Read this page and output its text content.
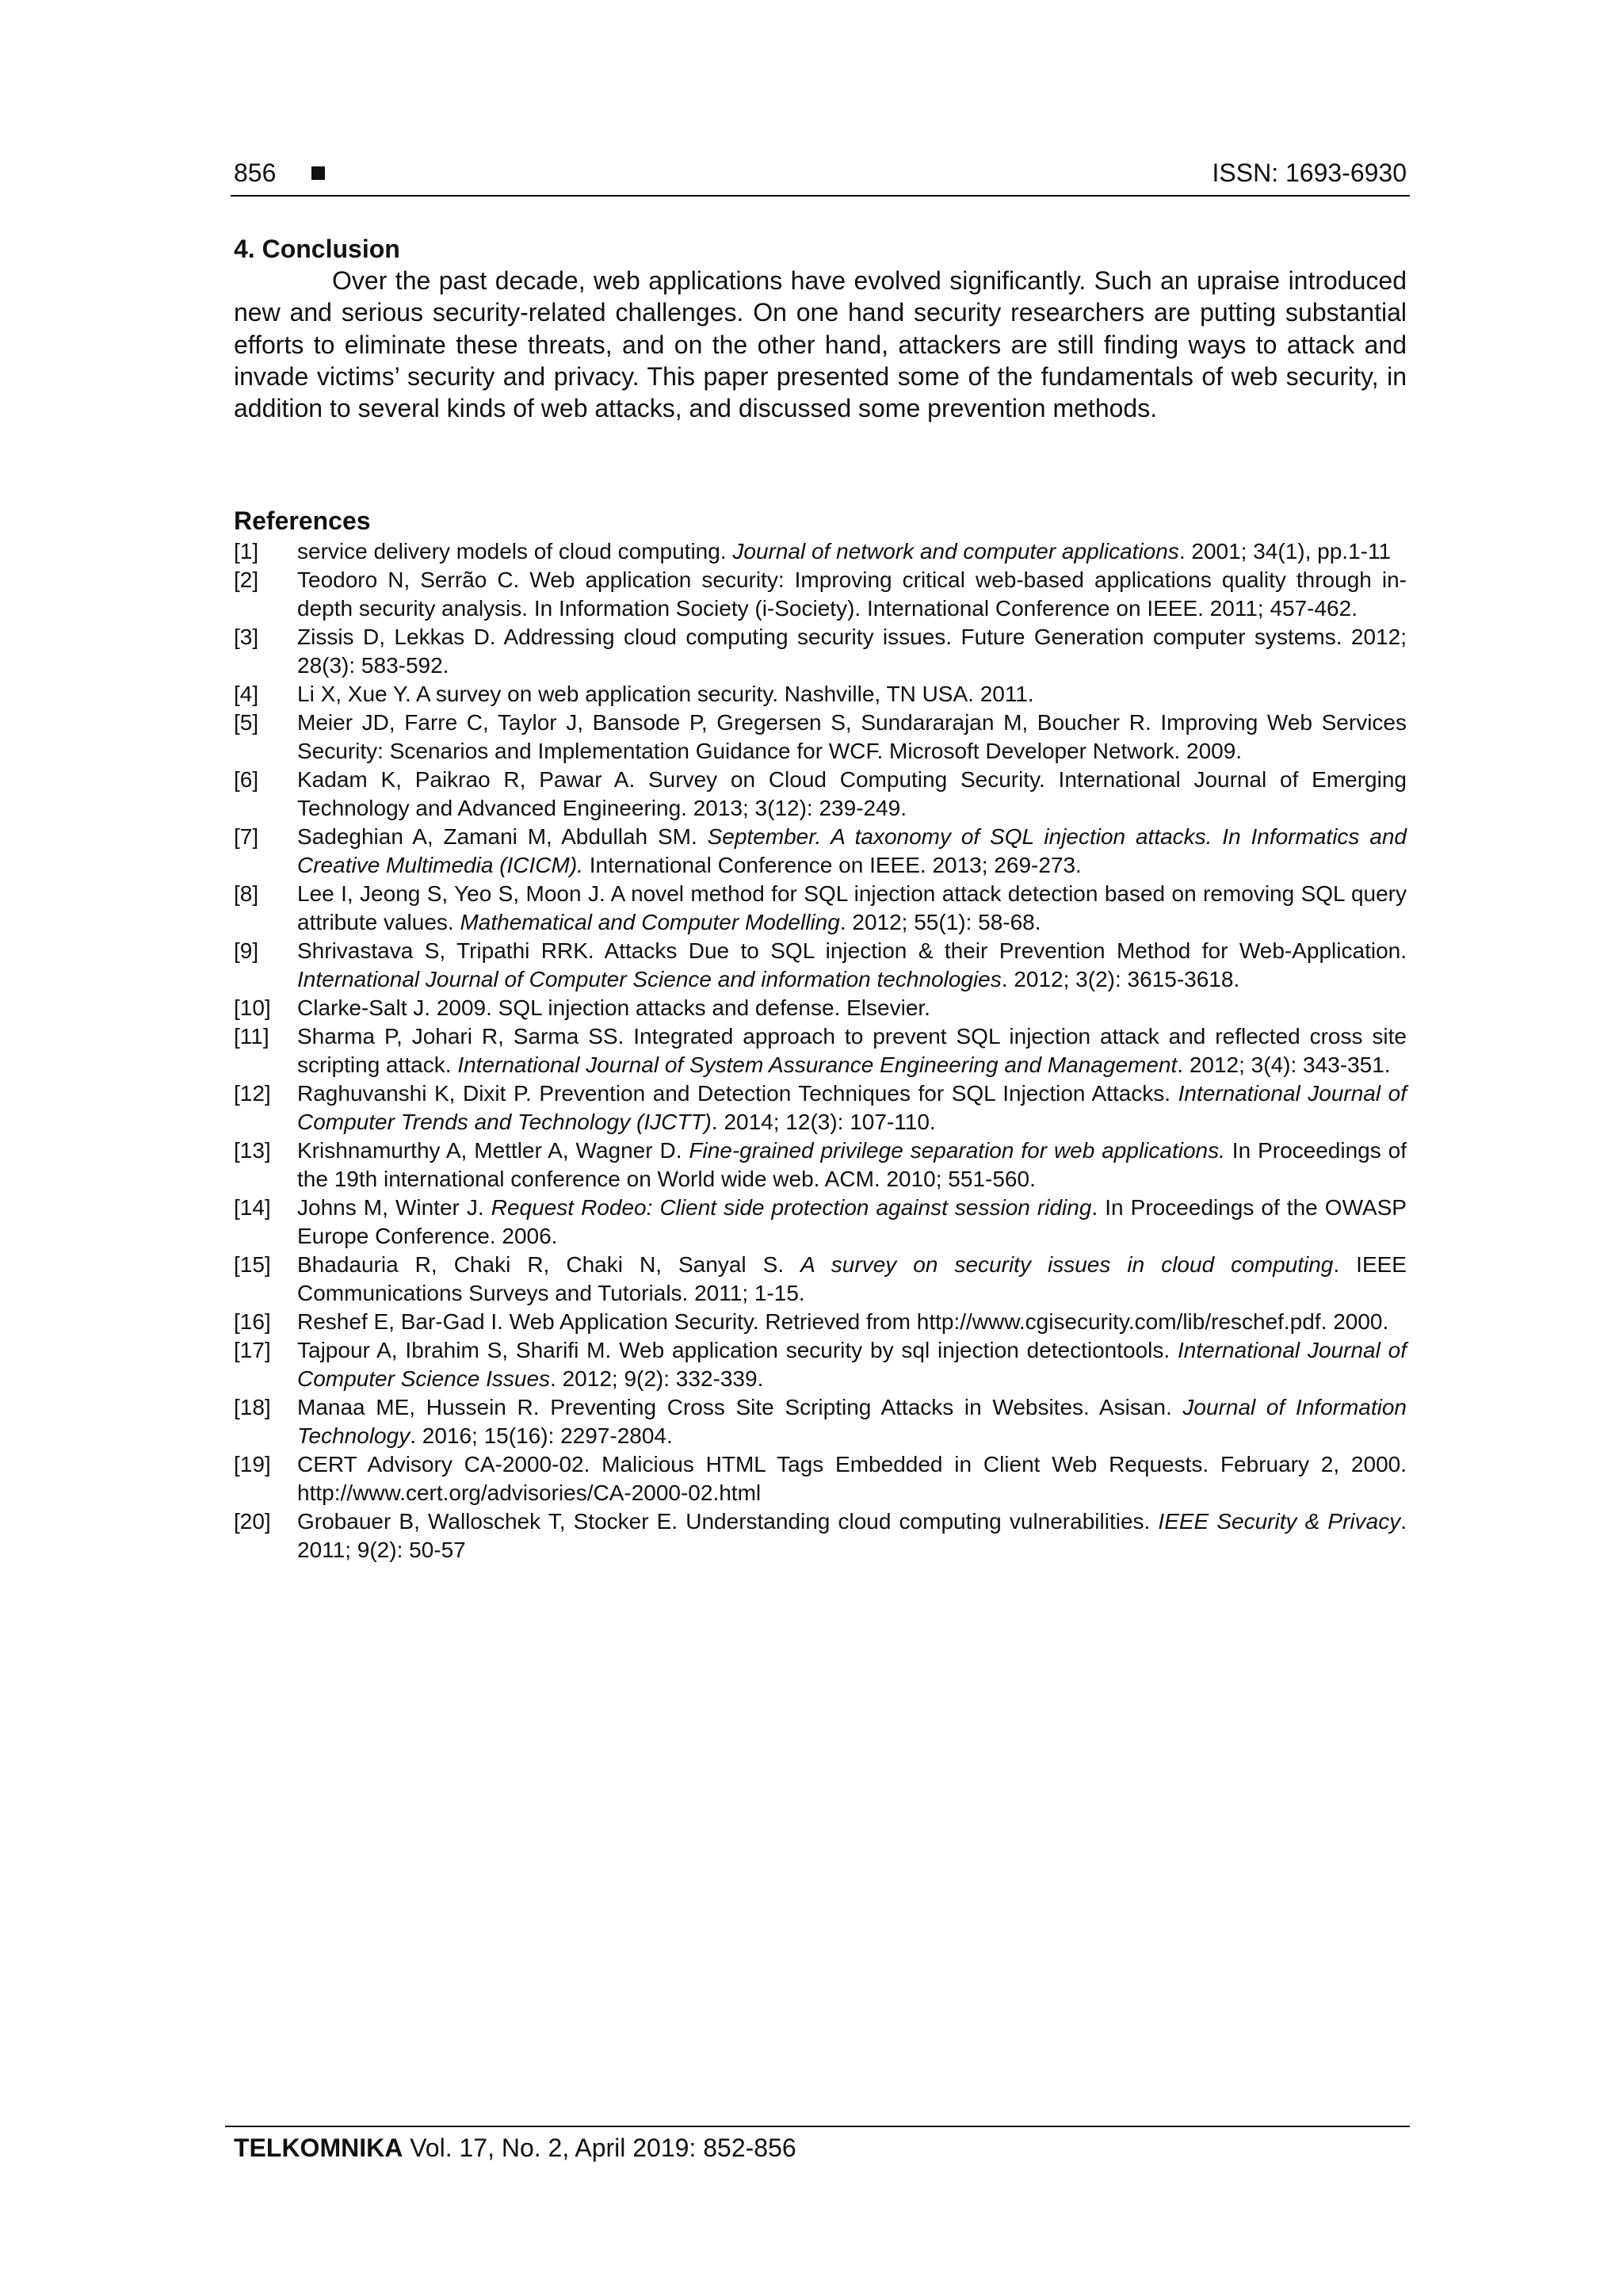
856	ISSN: 1693-6930
4. Conclusion

Over the past decade, web applications have evolved significantly. Such an upraise introduced new and serious security-related challenges. On one hand security researchers are putting substantial efforts to eliminate these threats, and on the other hand, attackers are still finding ways to attack and invade victims’ security and privacy. This paper presented some of the fundamentals of web security, in addition to several kinds of web attacks, and discussed some prevention methods.

References
[1] service delivery models of cloud computing. Journal of network and computer applications. 2001; 34(1), pp.1-11
[2] Teodoro N, Serrão C. Web application security: Improving critical web-based applications quality through in-depth security analysis. In Information Society (i-Society). International Conference on IEEE. 2011; 457-462.
[3] Zissis D, Lekkas D. Addressing cloud computing security issues. Future Generation computer systems. 2012; 28(3): 583-592.
[4] Li X, Xue Y. A survey on web application security. Nashville, TN USA. 2011.
[5] Meier JD, Farre C, Taylor J, Bansode P, Gregersen S, Sundararajan M, Boucher R. Improving Web Services Security: Scenarios and Implementation Guidance for WCF. Microsoft Developer Network. 2009.
[6] Kadam K, Paikrao R, Pawar A. Survey on Cloud Computing Security. International Journal of Emerging Technology and Advanced Engineering. 2013; 3(12): 239-249.
[7] Sadeghian A, Zamani M, Abdullah SM. September. A taxonomy of SQL injection attacks. In Informatics and Creative Multimedia (ICICM). International Conference on IEEE. 2013; 269-273.
[8] Lee I, Jeong S, Yeo S, Moon J. A novel method for SQL injection attack detection based on removing SQL query attribute values. Mathematical and Computer Modelling. 2012; 55(1): 58-68.
[9] Shrivastava S, Tripathi RRK. Attacks Due to SQL injection & their Prevention Method for Web-Application. International Journal of Computer Science and information technologies. 2012; 3(2): 3615-3618.
[10] Clarke-Salt J. 2009. SQL injection attacks and defense. Elsevier.
[11] Sharma P, Johari R, Sarma SS. Integrated approach to prevent SQL injection attack and reflected cross site scripting attack. International Journal of System Assurance Engineering and Management. 2012; 3(4): 343-351.
[12] Raghuvanshi K, Dixit P. Prevention and Detection Techniques for SQL Injection Attacks. International Journal of Computer Trends and Technology (IJCTT). 2014; 12(3): 107-110.
[13] Krishnamurthy A, Mettler A, Wagner D. Fine-grained privilege separation for web applications. In Proceedings of the 19th international conference on World wide web. ACM. 2010; 551-560.
[14] Johns M, Winter J. Request Rodeo: Client side protection against session riding. In Proceedings of the OWASP Europe Conference. 2006.
[15] Bhadauria R, Chaki R, Chaki N, Sanyal S. A survey on security issues in cloud computing. IEEE Communications Surveys and Tutorials. 2011; 1-15.
[16] Reshef E, Bar-Gad I. Web Application Security. Retrieved from http://www.cgisecurity.com/lib/reschef.pdf. 2000.
[17] Tajpour A, Ibrahim S, Sharifi M. Web application security by sql injection detectiontools. International Journal of Computer Science Issues. 2012; 9(2): 332-339.
[18] Manaa ME, Hussein R. Preventing Cross Site Scripting Attacks in Websites. Asisan. Journal of Information Technology. 2016; 15(16): 2297-2804.
[19] CERT Advisory CA-2000-02. Malicious HTML Tags Embedded in Client Web Requests. February 2, 2000. http://www.cert.org/advisories/CA-2000-02.html
[20] Grobauer B, Walloschek T, Stocker E. Understanding cloud computing vulnerabilities. IEEE Security & Privacy. 2011; 9(2): 50-57
TELKOMNIKA Vol. 17, No. 2, April 2019: 852-856
